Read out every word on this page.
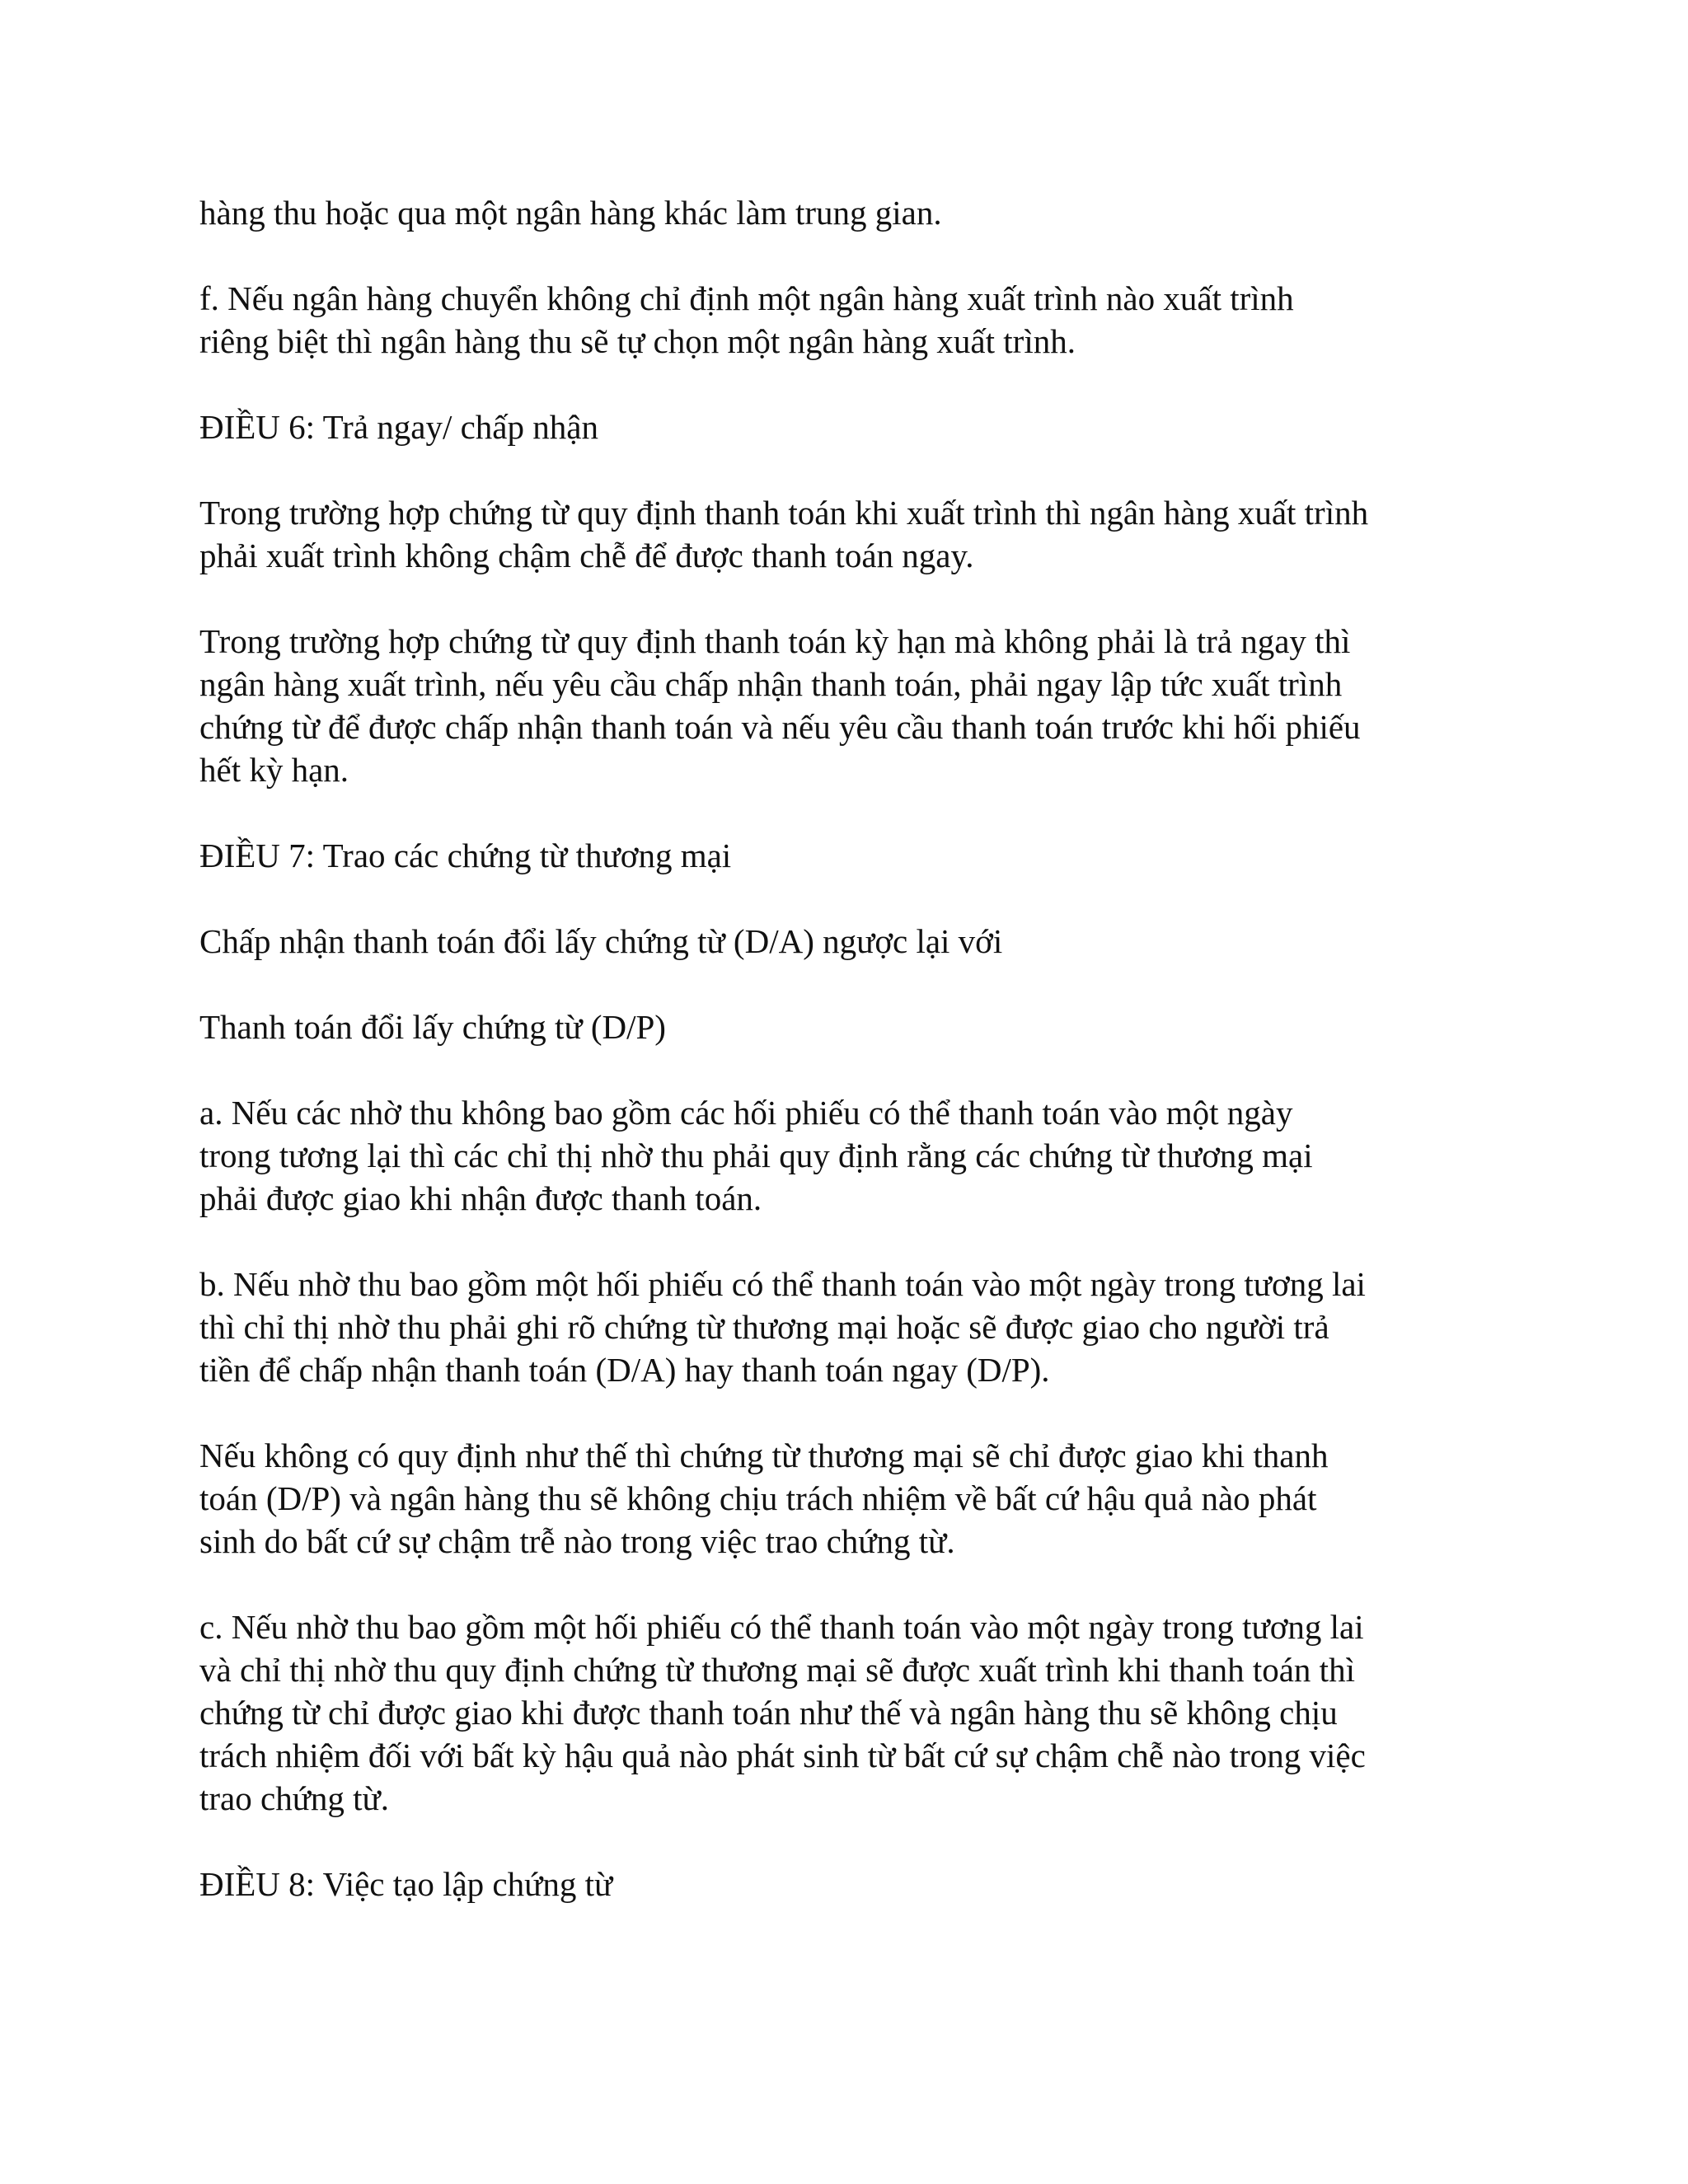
hàng thu hoặc qua một ngân hàng khác làm trung gian.

f. Nếu ngân hàng chuyển không chỉ định một ngân hàng xuất trình nào xuất trình
riêng biệt thì ngân hàng thu sẽ tự chọn một ngân hàng xuất trình.

ĐIỀU 6: Trả ngay/ chấp nhận

Trong trường hợp chứng từ quy định thanh toán khi xuất trình thì ngân hàng xuất trình
phải xuất trình không chậm chễ để được thanh toán ngay.

Trong trường hợp chứng từ quy định thanh toán kỳ hạn mà không phải là trả ngay thì
ngân hàng xuất trình, nếu yêu cầu chấp nhận thanh toán, phải ngay lập tức xuất trình
chứng từ để được chấp nhận thanh toán và nếu yêu cầu thanh toán trước khi hối phiếu
hết kỳ hạn.

ĐIỀU 7: Trao các chứng từ thương mại

Chấp nhận thanh toán đổi lấy chứng từ (D/A) ngược lại với

Thanh toán đổi lấy chứng từ (D/P)

a. Nếu các nhờ thu không bao gồm các hối phiếu có thể thanh toán vào một ngày
trong tương lại thì các chỉ thị nhờ thu phải quy định rằng các chứng từ thương mại
phải được giao khi nhận được thanh toán.

b. Nếu nhờ thu bao gồm một hối phiếu có thể thanh toán vào một ngày trong tương lai
thì chỉ thị nhờ thu phải ghi rõ chứng từ thương mại hoặc sẽ được giao cho người trả
tiền để chấp nhận thanh toán (D/A) hay thanh toán ngay (D/P).

Nếu không có quy định như thế thì chứng từ thương mại sẽ chỉ được giao khi thanh
toán (D/P) và ngân hàng thu sẽ không chịu trách nhiệm về bất cứ hậu quả nào phát
sinh do bất cứ sự chậm trễ nào trong việc trao chứng từ.

c. Nếu nhờ thu bao gồm một hối phiếu có thể thanh toán vào một ngày trong tương lai
và chỉ thị nhờ thu quy định chứng từ thương mại sẽ được xuất trình khi thanh toán thì
chứng từ chỉ được giao khi được thanh toán như thế và ngân hàng thu sẽ không chịu
trách nhiệm đối với bất kỳ hậu quả nào phát sinh từ bất cứ sự chậm chễ nào trong việc
trao chứng từ.

ĐIỀU 8: Việc tạo lập chứng từ
